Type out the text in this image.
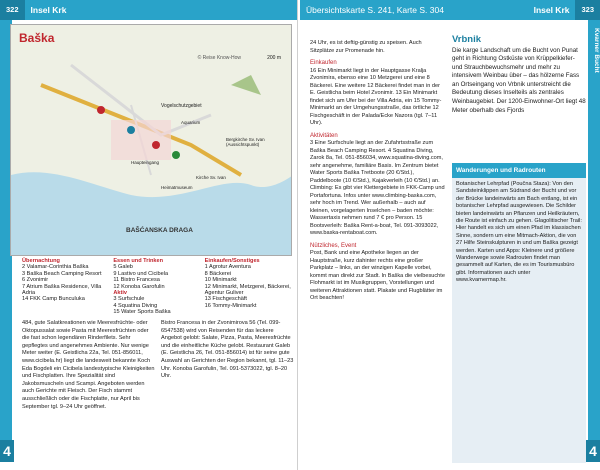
322	Insel Krk
4
Baška
200 m
© Reise Know-How
Vogelschutzgebiet
Bergkirche Sv. Ivan (Aussichtspunkt)
BAŠĆANSKA DRAGA
Haupteingang
Aquarium
Kirche Sv. Ivan
Heimatmuseum
Übernachtung
2 Valamar-Corinthia Baška
3 Baška Beach Camping Resort
6 Zvonimir
7 Atrium Baška Residence, Villa Adria
14 FKK Camp Bunculuka
Essen und Trinken
5 Galeb
9 Lastivo und Cicibela
11 Bistro Francesa
12 Konoba Garofulin
Aktiv
3 Surfschule
4 Squatina Diving
15 Water Sports Baška
Einkaufen/Sonstiges
1 Agrotur Aventura
8 Bäckerei
10 Minimarkt
12 Minimarkt, Metzgerei, Bäckerei, Agentur Guliver
13 Fischgeschäft
16 Tommy-Minimarkt
484, gute Salatkreationen wie Meeresfrüchte- oder Oktopussalat sowie Pasta mit Meeresfrüchten oder die fast schon legendären Rinderfilets. Sehr gepflegtes und angenehmes Ambiente. Nur wenige Meter weiter (E. Geistlicha 22a, Tel. 051-856011, www.cicibela.hr) liegt die landesweit bekannte Koch Eda Bogdeli ein Cicibela landestypische Kleinigkeiten und Fischplatten. Ihre Spezialität sind Jakobsmuscheln und Scampi. Angeboten werden auch Gerichte mit Fleisch. Der Fisch stammt ausschließlich oder die Fischplatte, nur April bis September tgl. 9–24 Uhr geöffnet.
Bistro Francesa in der Zvonimirova 56 (Tel. 099-6547538) wird von Reisenden für das leckere Angebot gelobt: Salate, Pizza, Pasta, Meeresfrüchte und die einheitliche Küche gelobt. Restaurant Galeb (E. Geistlicha 26, Tel. 051-856014) ist für seine gute Auswahl an Gerichten der Region bekannt, tgl. 11–23 Uhr. Konoba Garofulin, Tel. 091-5373022, tgl. 8–20 Uhr.
Übersichtskarte S. 241, Karte S. 304	Insel Krk	323
Kvarner Bucht
4
24 Uhr, es ist deftig-günstig zu speisen. Auch Sitzplätze zur Promenade hin.
Einkaufen
16 Ein Minimarkt liegt in der Hauptgasse Kralja Zvonimira, ebenso eine 10 Metzgerei und eine 8 Bäckerei. Eine weitere 12 Bäckerei findet man in der E. Geistlicha beim Hotel Zvonimir. 13 Ein Minimarkt findet sich am Ufer bei der Villa Adria, ein 15 Tommy-Minimarkt an der Umgehungsstraße, das örtliche 12 Fischgeschäft in der Palada/Ecke Nazora (tgl. 7–11 Uhr).
Aktivitäten
3 Eine Surfschule liegt an der Zufahrtsstraße zum Baška Beach Camping Resort. 4 Squatina Diving, Zarok 8a, Tel. 051-856034, www.squatina-diving.com, sehr angenehme, familiäre Basis. Im Zentrum bietet Water Sports Baška Tretboote (20 €/Std.), Paddelboote (10 €/Std.), Kajakverleih (10 €/Std.) an. Climbing: Es gibt vier Klettergebiete in FKK-Camp und Portafortuna. Infos unter www.climbing-baska.com, sehr hoch im Trend. Wer außerhalb – auch auf kleinen, vorgelagerten Inselchen – baden möchte: Wassertaxis nehmen rund 7 € pro Person. 15 Bootsverleih: Baška Rent-a-boat, Tel. 091-3093022, www.baska-rentaboat.com.
Nützliches, Event
Post, Bank und eine Apotheke liegen an der Hauptstraße, kurz dahinter rechts eine großer Parkplatz – links, an der winzigen Kapelle vorbei, kommt man direkt zur Stadt. In Baška die vielbesuchte Flohmarkt ist im Musikgruppen, Vorstellungen und weiteren Attraktionen statt. Plakate und Flugblätter im Ort beachten!
Vrbnik
Die karge Landschaft um die Bucht von Punat geht in Richtung Ostküste von Krüppelkiefer- und Strauchbewuchsmehr und mehr zu intensivem Weinbau über – das hölzerne Fass an Ortseingang von Vrbnik unterstreicht die Bedeutung dieses Inselteils als zentrales Weinbaugebiet. Der 1200-Einwohner-Ort liegt 48 Meter oberhalb des Fjords
Wanderungen und Radrouten
Botanischer Lehrpfad (Poučna Staza): Von den Sandsteinklippen am Südrand der Bucht und vor der Brücke landeinwärts am Bach entlang, ist ein botanischer Lehrpfad ausgewiesen. Die Schilder bieten landeinwärts an Pflanzen und Heilkräutern, die Route ist einfach zu gehen. Glagolitischer Trail: Hier handelt es sich um einen Pfad im klassischen Sinne, sondern um eine Mitmach-Aktion, die von 27 Hilfe Steinskulpturen in und um Baška gezeigt werden. Karten und Apps: Kleinere und größere Wanderwege sowie Radrouten findet man gesammelt auf Karten, die es im Tourismusbüro gibt. Informationen auch unter www.kvarnermap.hr.
